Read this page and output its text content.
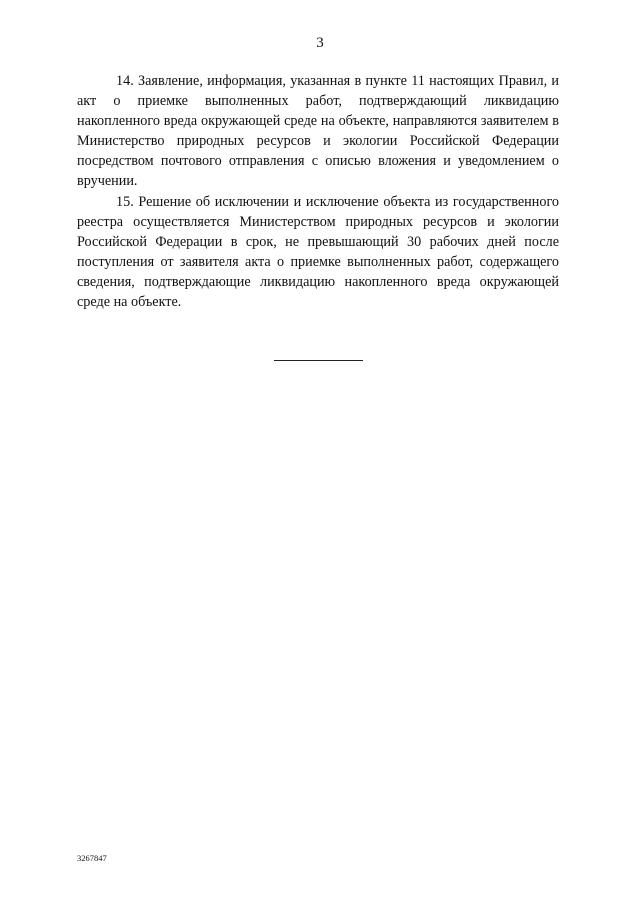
3

14. Заявление, информация, указанная в пункте 11 настоящих Правил, и акт о приемке выполненных работ, подтверждающий ликвидацию накопленного вреда окружающей среде на объекте, направляются заявителем в Министерство природных ресурсов и экологии Российской Федерации посредством почтового отправления с описью вложения и уведомлением о вручении.

15. Решение об исключении и исключение объекта из государственного реестра осуществляется Министерством природных ресурсов и экологии Российской Федерации в срок, не превышающий 30 рабочих дней после поступления от заявителя акта о приемке выполненных работ, содержащего сведения, подтверждающие ликвидацию накопленного вреда окружающей среде на объекте.

3267847
